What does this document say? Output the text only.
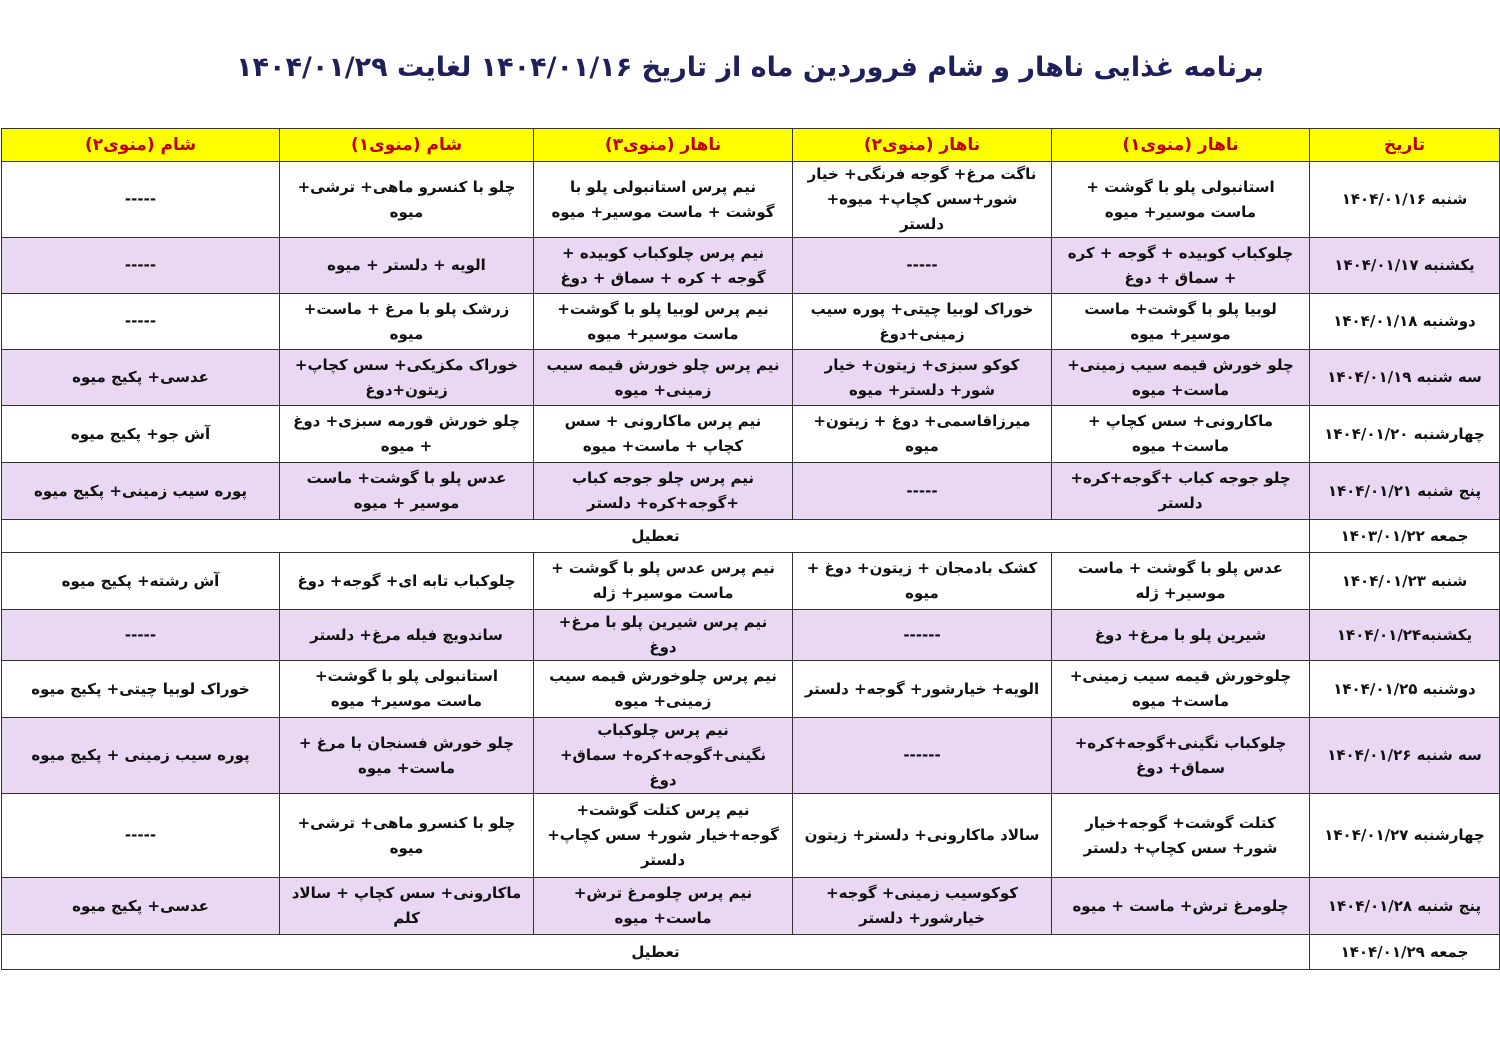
برنامه غذایی ناهار و شام فروردین ماه از تاریخ ۱۴۰۴/۰۱/۱۶ لغایت ۱۴۰۴/۰۱/۲۹
تاریخ	ناهار (منوی۱)	ناهار (منوی۲)	ناهار (منوی۳)	شام (منوی۱)	شام (منوی۲)
شنبه ۱۴۰۴/۰۱/۱۶	استانبولی پلو با گوشت + ماست موسیر+ میوه	ناگت مرغ+ گوجه فرنگی+ خیار شور+سس کچاپ+ میوه+ دلستر	نیم پرس استانبولی پلو با گوشت + ماست موسیر+ میوه	چلو با کنسرو ماهی+ ترشی+ میوه	-----
یکشنبه ۱۴۰۴/۰۱/۱۷	چلوکباب کوبیده + گوجه + کره + سماق + دوغ	-----	نیم پرس چلوکباب کوبیده + گوجه + کره + سماق + دوغ	الویه + دلستر + میوه	-----
دوشنبه ۱۴۰۴/۰۱/۱۸	لوبیا پلو با گوشت+ ماست موسیر+ میوه	خوراک لوبیا چیتی+ پوره سیب زمینی+دوغ	نیم پرس لوبیا پلو با گوشت+ ماست موسیر+ میوه	زرشک پلو با مرغ + ماست+ میوه	-----
سه شنبه ۱۴۰۴/۰۱/۱۹	چلو خورش قیمه سیب زمینی+ ماست+ میوه	کوکو سبزی+ زیتون+ خیار شور+ دلستر+ میوه	نیم پرس چلو خورش قیمه سیب زمینی+ میوه	خوراک مکزیکی+ سس کچاپ+ زیتون+دوغ	عدسی+ پکیج میوه
چهارشنبه ۱۴۰۴/۰۱/۲۰	ماکارونی+ سس کچاپ + ماست+ میوه	میرزاقاسمی+ دوغ + زیتون+ میوه	نیم پرس ماکارونی + سس کچاپ + ماست+ میوه	چلو خورش قورمه سبزی+ دوغ + میوه	آش جو+ پکیج میوه
پنج شنبه ۱۴۰۴/۰۱/۲۱	چلو جوجه کباب +گوجه+کره+ دلستر	-----	نیم پرس چلو جوجه کباب +گوجه+کره+ دلستر	عدس پلو با گوشت+ ماست موسیر + میوه	پوره سیب زمینی+ پکیج میوه
جمعه ۱۴۰۳/۰۱/۲۲	تعطیل				
شنبه ۱۴۰۴/۰۱/۲۳	عدس پلو با گوشت + ماست موسیر+ ژله	کشک بادمجان + زیتون+ دوغ + میوه	نیم پرس عدس پلو با گوشت + ماست موسیر+ ژله	چلوکباب تابه ای+ گوجه+ دوغ	آش رشته+ پکیج میوه
یکشنبه۱۴۰۴/۰۱/۲۴	شیرین پلو با مرغ+ دوغ	------	نیم پرس شیرین پلو با مرغ+ دوغ	ساندویچ فیله مرغ+ دلستر	-----
دوشنبه ۱۴۰۴/۰۱/۲۵	چلوخورش قیمه سیب زمینی+ ماست+ میوه	الویه+ خیارشور+ گوجه+ دلستر	نیم پرس چلوخورش قیمه سیب زمینی+ میوه	استانبولی پلو با گوشت+ ماست موسیر+ میوه	خوراک لوبیا چیتی+ پکیج میوه
سه شنبه ۱۴۰۴/۰۱/۲۶	چلوکباب نگینی+گوجه+کره+ سماق+ دوغ	------	نیم پرس چلوکباب نگینی+گوجه+کره+ سماق+ دوغ	چلو خورش فسنجان با مرغ + ماست+ میوه	پوره سیب زمینی + پکیج میوه
چهارشنبه ۱۴۰۴/۰۱/۲۷	کتلت گوشت+ گوجه+خیار شور+ سس کچاپ+ دلستر	سالاد ماکارونی+ دلستر+ زیتون	نیم پرس کتلت گوشت+ گوجه+خیار شور+ سس کچاپ+ دلستر	چلو با کنسرو ماهی+ ترشی+ میوه	-----
پنج شنبه ۱۴۰۴/۰۱/۲۸	چلومرغ ترش+ ماست + میوه	کوکوسیب زمینی+ گوجه+ خیارشور+ دلستر	نیم پرس چلومرغ ترش+ ماست+ میوه	ماکارونی+ سس کچاپ + سالاد کلم	عدسی+ پکیج میوه
جمعه ۱۴۰۴/۰۱/۲۹	تعطیل				
